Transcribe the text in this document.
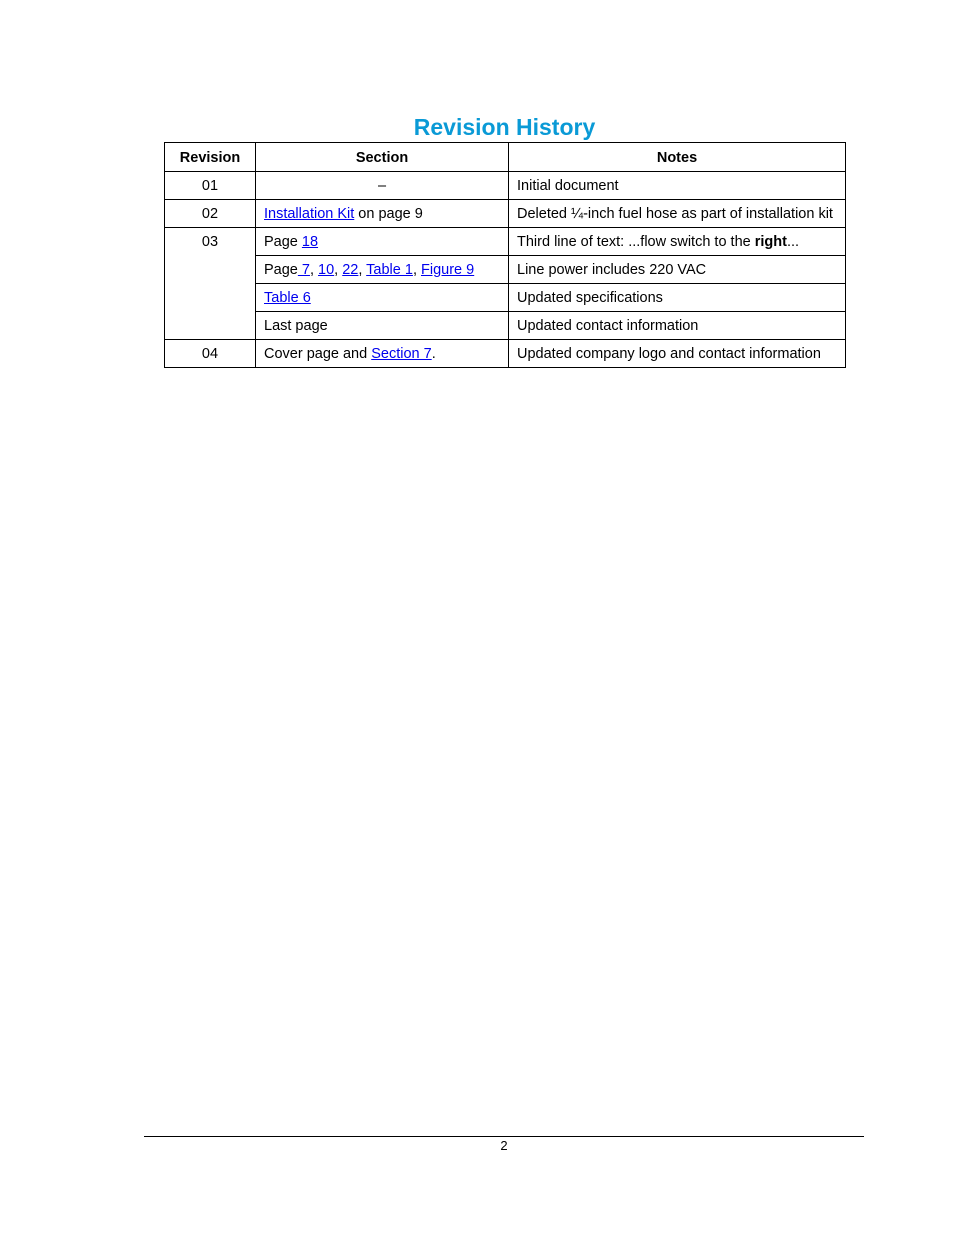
Revision History
Revision	Section	Notes
01	–	Initial document
02	Installation Kit on page 9	Deleted ¼-inch fuel hose as part of installation kit
03	Page 18	Third line of text: ...flow switch to the right...
	Page 7, 10, 22, Table 1, Figure 9	Line power includes 220 VAC
	Table 6	Updated specifications
	Last page	Updated contact information
04	Cover page and Section 7.	Updated company logo and contact information
2
